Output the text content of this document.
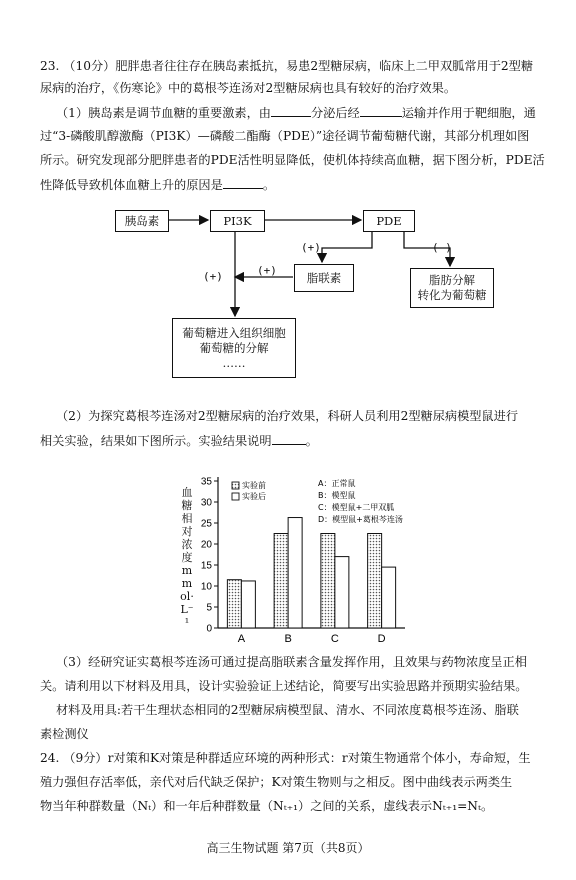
23. （10分）肥胖患者往往存在胰岛素抵抗，易患2型糖尿病，临床上二甲双胍常用于2型糖
尿病的治疗，《伤寒论》中的葛根芩连汤对2型糖尿病也具有较好的治疗效果。
（1）胰岛素是调节血糖的重要激素，由	分泌后经	运输并作用于靶细胞，通
过“3-磷酸肌醇激酶（PI3K）—磷酸二酯酶（PDE）”途径调节葡萄糖代谢，其部分机理如图
所示。研究发现部分肥胖患者的PDE活性明显降低，使机体持续高血糖，据下图分析，PDE活
性降低导致机体血糖上升的原因是	。
胰岛素	PI3K	PDE
脂联素	脂肪分解
转化为葡萄糖
葡萄糖进入组织细胞
葡萄糖的分解
……
(+)	(-)
(+)
(+)
（2）为探究葛根芩连汤对2型糖尿病的治疗效果，科研人员利用2型糖尿病模型鼠进行
相关实验，结果如下图所示。实验结果说明	。
0
5
10
15
20
25
30
35
A	B	C	D
实验前
实验后
A：正常鼠
B：模型鼠
C：模型鼠+二甲双胍
D：模型鼠+葛根芩连汤
血糖相对浓度mmol·L⁻¹
（3）经研究证实葛根芩连汤可通过提高脂联素含量发挥作用，且效果与药物浓度呈正相
关。请利用以下材料及用具，设计实验验证上述结论，简要写出实验思路并预期实验结果。
材料及用具:若干生理状态相同的2型糖尿病模型鼠、清水、不同浓度葛根芩连汤、脂联
素检测仪
24. （9分）r对策和K对策是种群适应环境的两种形式：r对策生物通常个体小，寿命短，生
殖力强但存活率低，亲代对后代缺乏保护；K对策生物则与之相反。图中曲线表示两类生
物当年种群数量（Nₜ）和一年后种群数量（Nₜ₊₁）之间的关系，虚线表示Nₜ₊₁=Nₜ。
高三生物试题 第7页（共8页）
